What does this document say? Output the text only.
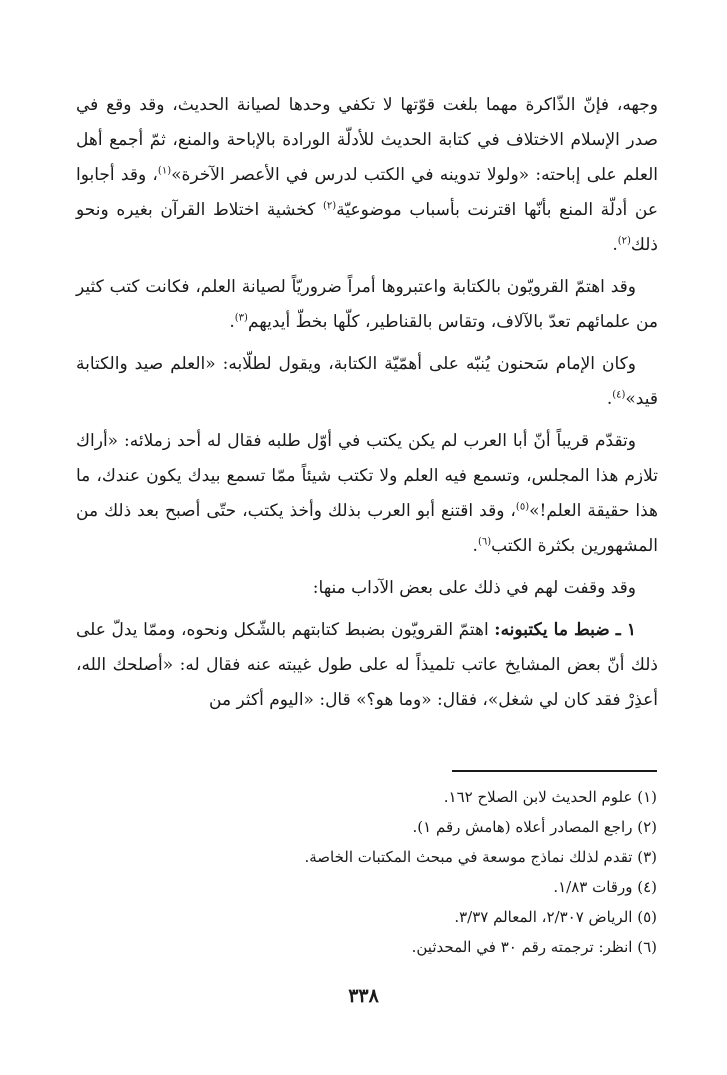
وجهه، فإنّ الذّاكرة مهما بلغت قوّتها لا تكفي وحدها لصيانة الحديث، وقد وقع في صدر الإسلام الاختلاف في كتابة الحديث للأدلّة الورادة بالإباحة والمنع، ثمّ أجمع أهل العلم على إباحته: «ولولا تدوينه في الكتب لدرس في الأعصر الآخرة»$^{(١)}$، وقد أجابوا عن أدلّة المنع بأنّها اقترنت بأسباب موضوعيّة$^{(٢)}$ كخشية اختلاط القرآن بغيره ونحو ذلك$^{(٢)}$.

وقد اهتمّ القرويّون بالكتابة واعتبروها أمراً ضروريّاً لصيانة العلم، فكانت كتب كثير من علمائهم تعدّ بالآلاف، وتقاس بالقناطير، كلّها بخطّ أيديهم$^{(٣)}$.

وكان الإمام سَحنون يُنبّه على أهمّيّة الكتابة، ويقول لطلّابه: «العلم صيد والكتابة قيد»$^{(٤)}$.

وتقدّم قريباً أنّ أبا العرب لم يكن يكتب في أوّل طلبه فقال له أحد زملائه: «أراك تلازم هذا المجلس، وتسمع فيه العلم ولا تكتب شيئاً ممّا تسمع بيدك يكون عندك، ما هذا حقيقة العلم!»$^{(٥)}$، وقد اقتنع أبو العرب بذلك وأخذ يكتب، حتّى أصبح بعد ذلك من المشهورين بكثرة الكتب$^{(٦)}$.

وقد وقفت لهم في ذلك على بعض الآداب منها:

١ ـ ضبط ما يكتبونه: اهتمّ القرويّون بضبط كتابتهم بالشّكل ونحوه، وممّا يدلّ على ذلك أنّ بعض المشايخ عاتب تلميذاً له على طول غيبته عنه فقال له: «أصلحك الله، أعذِرْ فقد كان لي شغل»، فقال: «وما هو؟» قال: «اليوم أكثر من

(١) علوم الحديث لابن الصلاح ١٦٢.
(٢) راجع المصادر أعلاه (هامش رقم ١).
(٣) تقدم لذلك نماذج موسعة في مبحث المكتبات الخاصة.
(٤) ورقات ١/٨٣.
(٥) الرياض ٢/٣٠٧، المعالم ٣/٣٧.
(٦) انظر: ترجمته رقم ٣٠ في المحدثين.
٣٣٨
